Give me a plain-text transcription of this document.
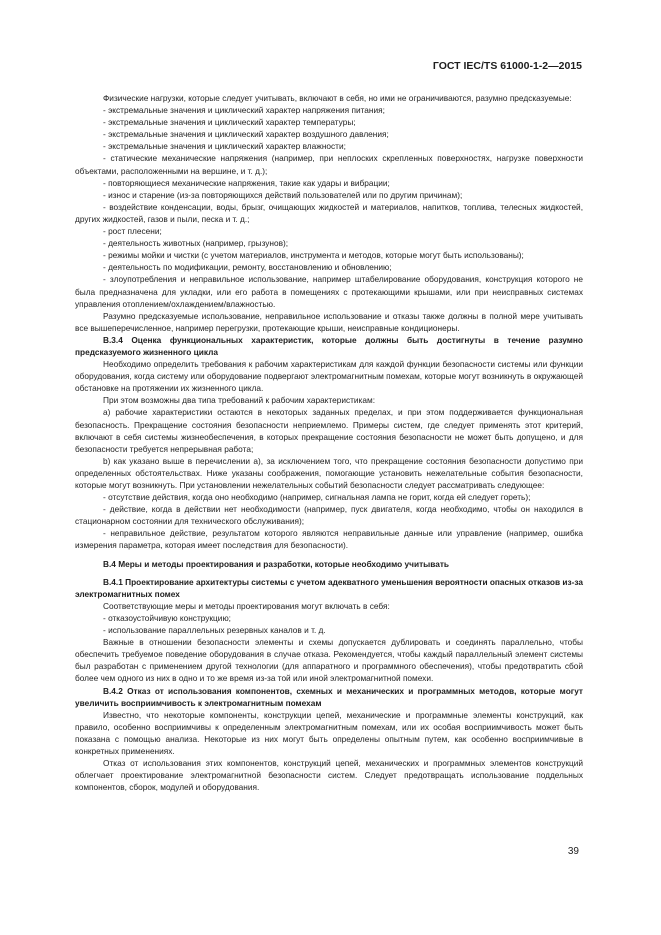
ГОСТ IEC/TS 61000-1-2—2015

Физические нагрузки, которые следует учитывать, включают в себя, но ими не ограничиваются, разумно предсказуемые:

- экстремальные значения и циклический характер напряжения питания;

- экстремальные значения и циклический характер температуры;

- экстремальные значения и циклический характер воздушного давления;

- экстремальные значения и циклический характер влажности;

- статические механические напряжения (например, при неплоских скрепленных поверхностях, нагрузке поверхности объектами, расположенными на вершине, и т. д.);

- повторяющиеся механические напряжения, такие как удары и вибрации;

- износ и старение (из-за повторяющихся действий пользователей или по другим причинам);

- воздействие конденсации, воды, брызг, очищающих жидкостей и материалов, напитков, топлива, телесных жидкостей, других жидкостей, газов и пыли, песка и т. д.;

- рост плесени;

- деятельность животных (например, грызунов);

- режимы мойки и чистки (с учетом материалов, инструмента и методов, которые могут быть использованы);

- деятельность по модификации, ремонту, восстановлению и обновлению;

- злоупотребления и неправильное использование, например штабелирование оборудования, конструкция которого не была предназначена для укладки, или его работа в помещениях с протекающими крышами, или при неисправных системах управления отоплением/охлаждением/влажностью.

Разумно предсказуемые использование, неправильное использование и отказы также должны в полной мере учитывать все вышеперечисленное, например перегрузки, протекающие крыши, неисправные кондиционеры.

B.3.4 Оценка функциональных характеристик, которые должны быть достигнуты в течение разумно предсказуемого жизненного цикла

Необходимо определить требования к рабочим характеристикам для каждой функции безопасности системы или функции оборудования, когда систему или оборудование подвергают электромагнитным помехам, которые могут возникнуть в окружающей обстановке на протяжении их жизненного цикла.

При этом возможны два типа требований к рабочим характеристикам:

а) рабочие характеристики остаются в некоторых заданных пределах, и при этом поддерживается функциональная безопасность. Прекращение состояния безопасности неприемлемо. Примеры систем, где следует применять этот критерий, включают в себя системы жизнеобеспечения, в которых прекращение состояния безопасности не может быть допущено, и для безопасности требуется непрерывная работа;

b) как указано выше в перечислении а), за исключением того, что прекращение состояния безопасности допустимо при определенных обстоятельствах. Ниже указаны соображения, помогающие установить нежелательные события безопасности, которые могут возникнуть. При установлении нежелательных событий безопасности следует рассматривать следующее:

- отсутствие действия, когда оно необходимо (например, сигнальная лампа не горит, когда ей следует гореть);

- действие, когда в действии нет необходимости (например, пуск двигателя, когда необходимо, чтобы он находился в стационарном состоянии для технического обслуживания);

- неправильное действие, результатом которого являются неправильные данные или управление (например, ошибка измерения параметра, которая имеет последствия для безопасности).

B.4 Меры и методы проектирования и разработки, которые необходимо учитывать

B.4.1 Проектирование архитектуры системы с учетом адекватного уменьшения вероятности опасных отказов из-за электромагнитных помех

Соответствующие меры и методы проектирования могут включать в себя:

- отказоустойчивую конструкцию;

- использование параллельных резервных каналов и т. д.

Важные в отношении безопасности элементы и схемы допускается дублировать и соединять параллельно, чтобы обеспечить требуемое поведение оборудования в случае отказа. Рекомендуется, чтобы каждый параллельный элемент системы был разработан с применением другой технологии (для аппаратного и программного обеспечения), чтобы предотвратить сбой более чем одного из них в одно и то же время из-за той или иной электромагнитной помехи.

B.4.2 Отказ от использования компонентов, схемных и механических и программных методов, которые могут увеличить восприимчивость к электромагнитным помехам

Известно, что некоторые компоненты, конструкции цепей, механические и программные элементы конструкций, как правило, особенно восприимчивы к определенным электромагнитным помехам, или их особая восприимчивость может быть показана с помощью анализа. Некоторые из них могут быть определены опытным путем, как особенно восприимчивые в конкретных применениях.

Отказ от использования этих компонентов, конструкций цепей, механических и программных элементов конструкций облегчает проектирование электромагнитной безопасности систем. Следует предотвращать использование поддельных компонентов, сборок, модулей и оборудования.

39
